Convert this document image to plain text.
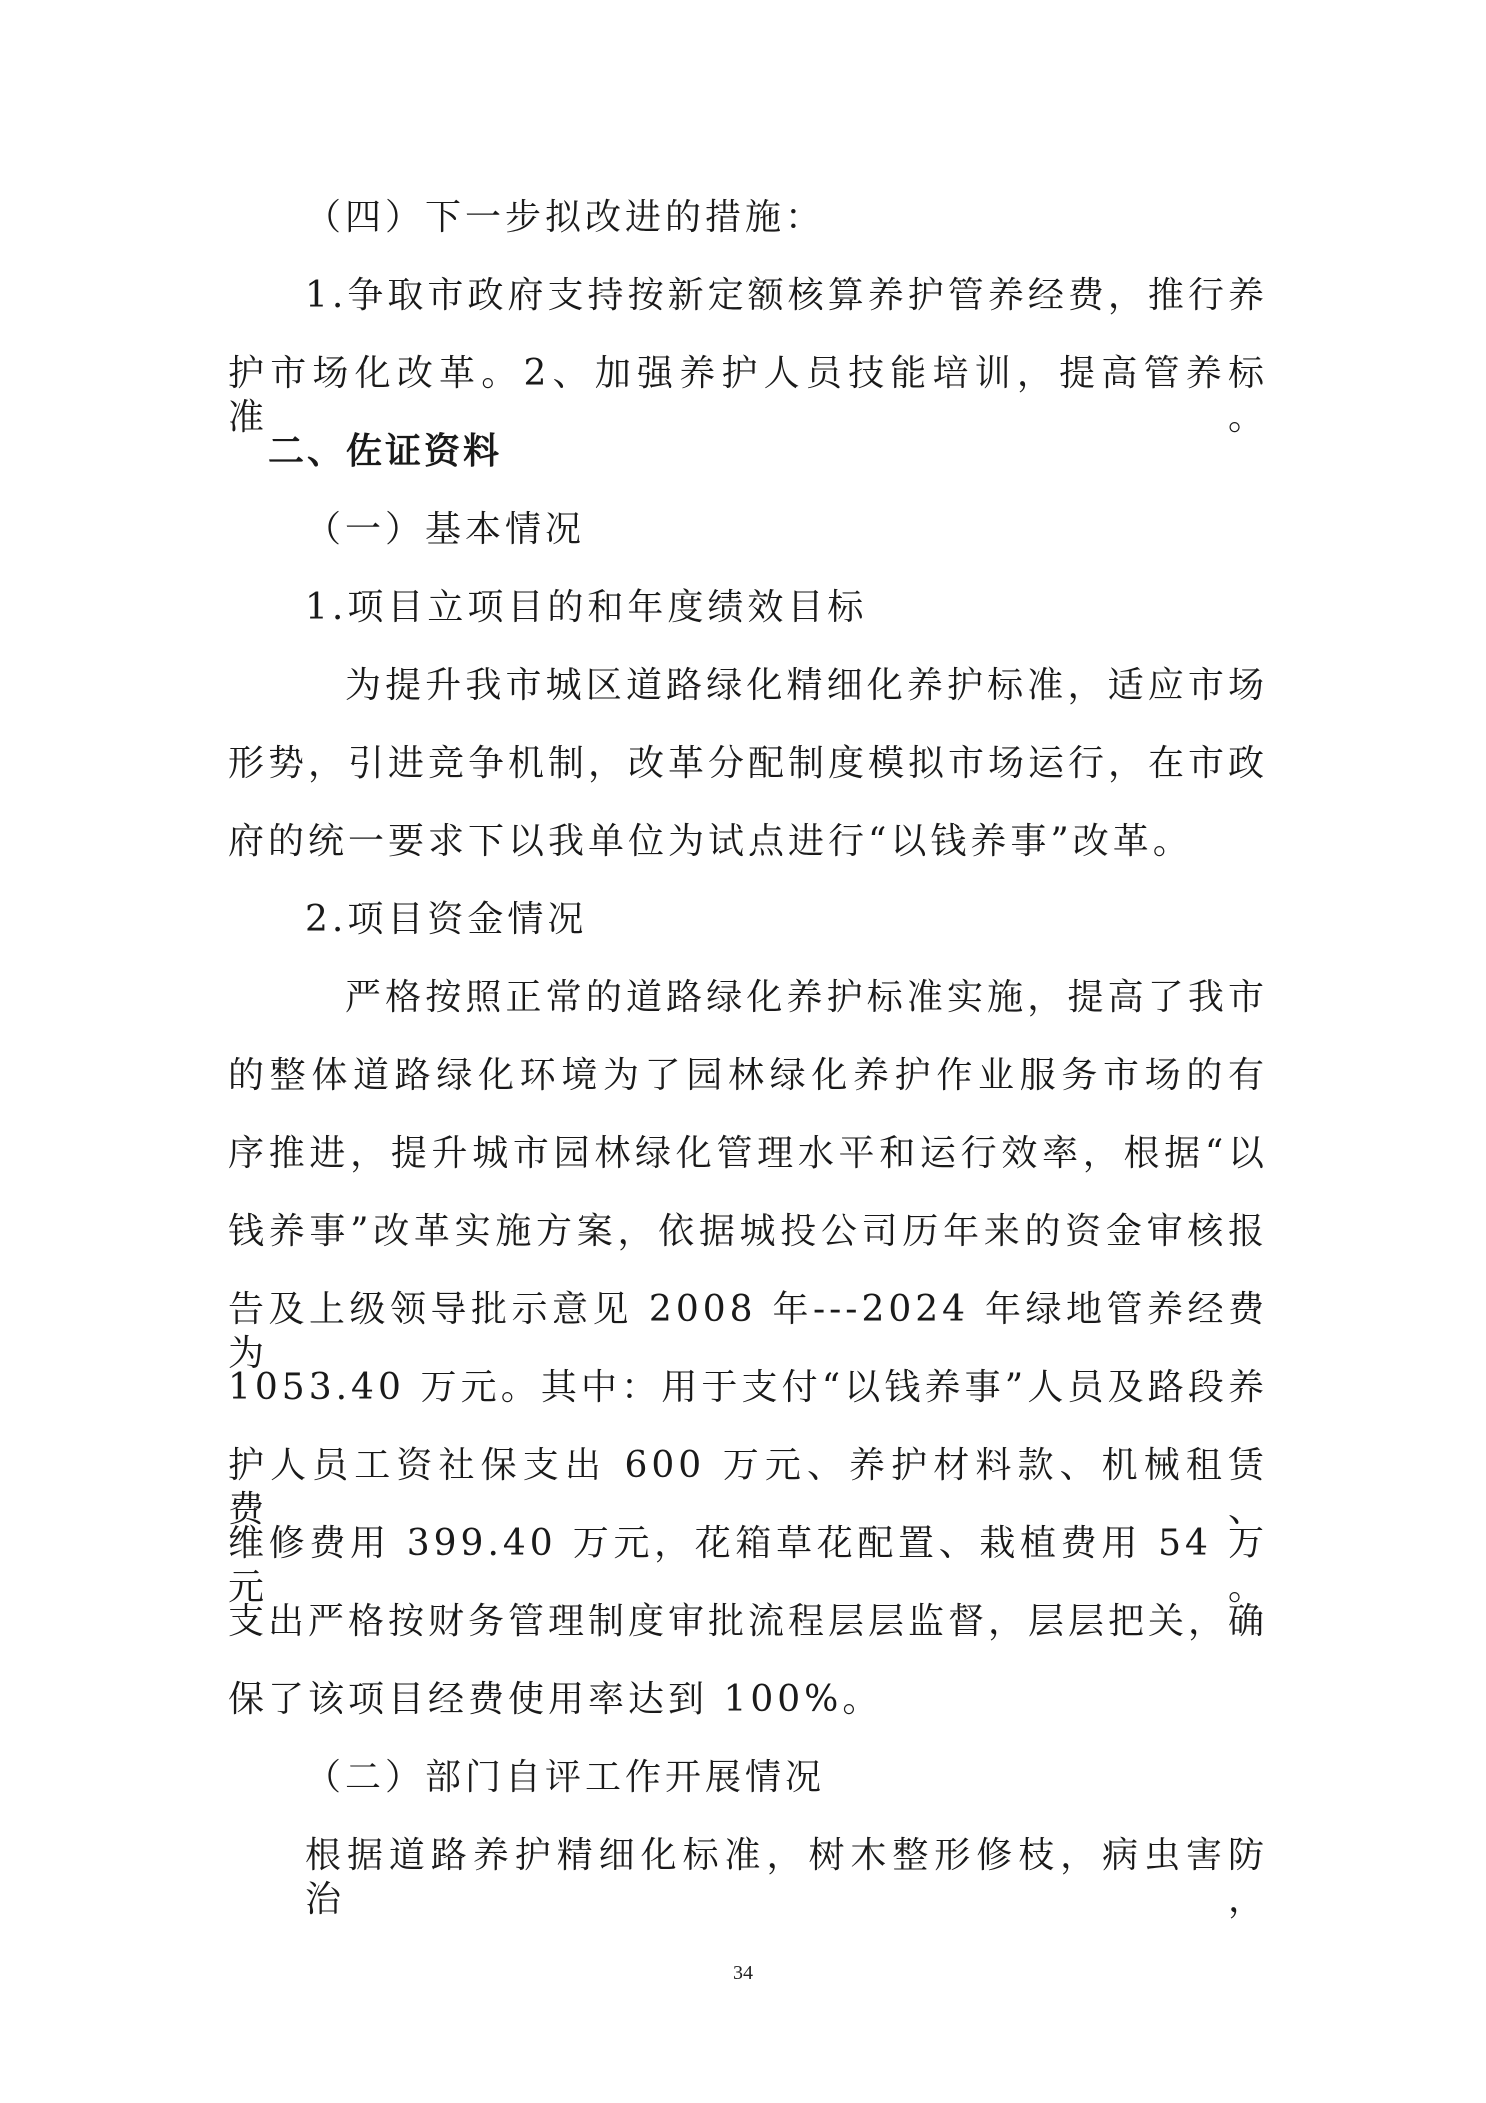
（四）下一步拟改进的措施：
1.争取市政府支持按新定额核算养护管养经费，推行养
护市场化改革。2、加强养护人员技能培训，提高管养标准。
二、佐证资料
（一）基本情况
1.项目立项目的和年度绩效目标
为提升我市城区道路绿化精细化养护标准，适应市场
形势，引进竞争机制，改革分配制度模拟市场运行，在市政
府的统一要求下以我单位为试点进行“以钱养事”改革。
2.项目资金情况
严格按照正常的道路绿化养护标准实施，提高了我市
的整体道路绿化环境为了园林绿化养护作业服务市场的有
序推进，提升城市园林绿化管理水平和运行效率，根据“以
钱养事”改革实施方案，依据城投公司历年来的资金审核报
告及上级领导批示意见 2008 年---2024 年绿地管养经费为
1053.40 万元。其中：用于支付“以钱养事”人员及路段养
护人员工资社保支出 600 万元、养护材料款、机械租赁费、
维修费用 399.40 万元，花箱草花配置、栽植费用 54 万元。
支出严格按财务管理制度审批流程层层监督，层层把关，确
保了该项目经费使用率达到 100%。
（二）部门自评工作开展情况
根据道路养护精细化标准，树木整形修枝，病虫害防治，
34
